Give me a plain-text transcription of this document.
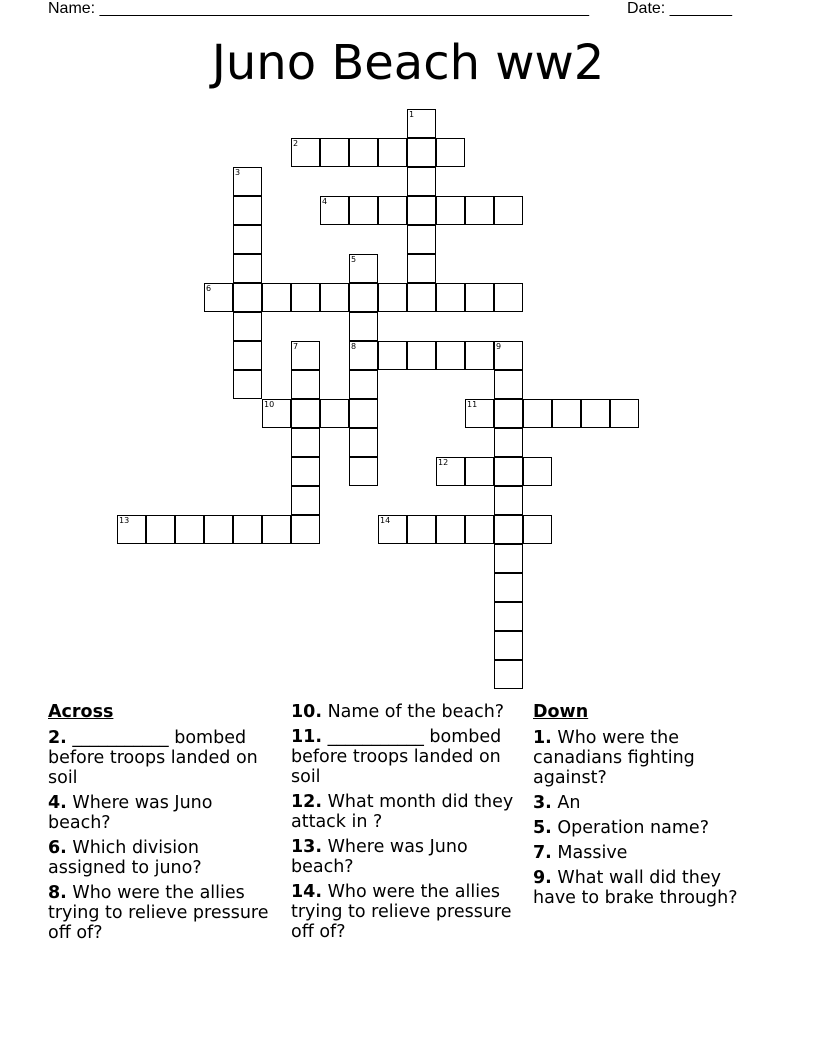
Name: _______________________________________________________ Date: _______
Juno Beach ww2
1
2
3
4
5
8
6
7	9
10	11
12
13	14
Across
2. ___________ bombed before troops landed on soil
4. Where was Juno beach?
6. Which division assigned to juno?
8. Who were the allies trying to relieve pressure off of?
10. Name of the beach?
11. ___________ bombed before troops landed on soil
12. What month did they attack in ?
13. Where was Juno beach?
14. Who were the allies trying to relieve pressure off of?
Down
1. Who were the canadians fighting against?
3. An
5. Operation name?
7. Massive
9. What wall did they have to brake through?
